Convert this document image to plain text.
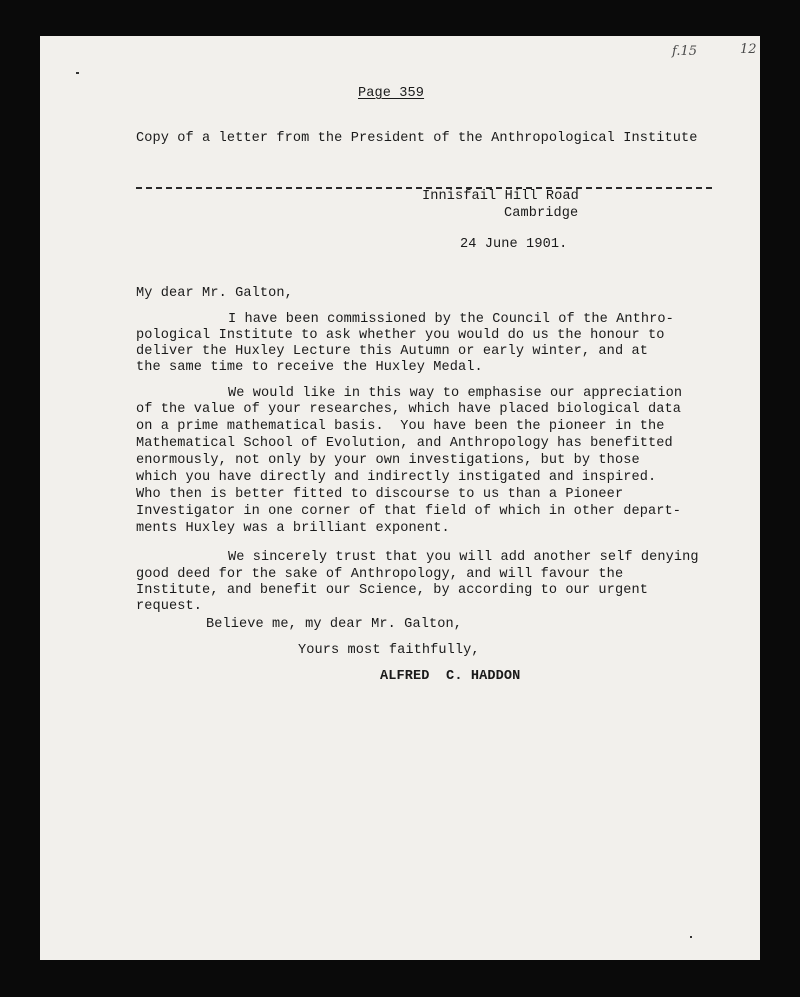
f.15	12
Page 359
Copy of a letter from the President of the Anthropological Institute
Innisfail Hill Road
Cambridge
24 June 1901.
My dear Mr. Galton,
I have been commissioned by the Council of the Anthro-
pological Institute to ask whether you would do us the honour to
deliver the Huxley Lecture this Autumn or early winter, and at
the same time to receive the Huxley Medal.
We would like in this way to emphasise our appreciation
of the value of your researches, which have placed biological data
on a prime mathematical basis.  You have been the pioneer in the
Mathematical School of Evolution, and Anthropology has benefitted
enormously, not only by your own investigations, but by those
which you have directly and indirectly instigated and inspired.
Who then is better fitted to discourse to us than a Pioneer
Investigator in one corner of that field of which in other depart-
ments Huxley was a brilliant exponent.
We sincerely trust that you will add another self denying
good deed for the sake of Anthropology, and will favour the
Institute, and benefit our Science, by according to our urgent
request.
Believe me, my dear Mr. Galton,
Yours most faithfully,
ALFRED  C. HADDON
